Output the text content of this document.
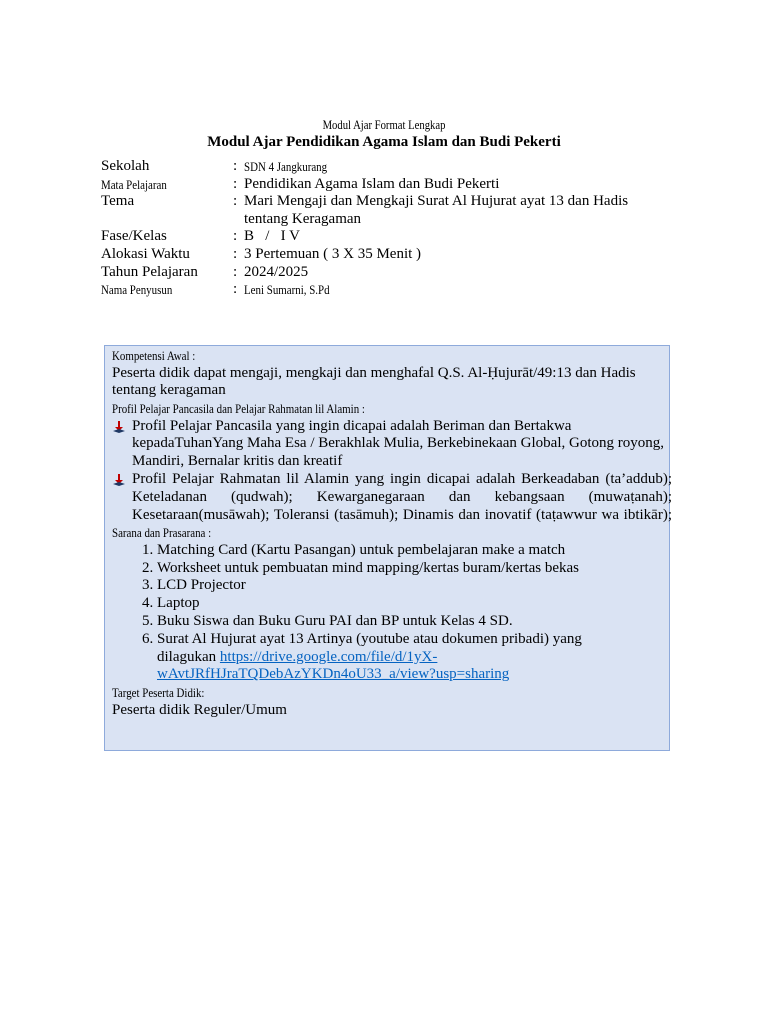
Modul Ajar Format Lengkap
Modul Ajar Pendidikan Agama Islam dan Budi Pekerti
Sekolah	: SDN 4 Jangkurang
Mata Pelajaran	: Pendidikan Agama Islam dan Budi Pekerti
Tema	: Mari Mengaji dan Mengkaji Surat Al Hujurat ayat 13 dan Hadis tentang Keragaman
Fase/Kelas	: B   /   I V
Alokasi Waktu	: 3 Pertemuan ( 3 X 35 Menit )
Tahun Pelajaran : 2024/2025
Nama Penyusun	: Leni Sumarni, S.Pd
Kompetensi Awal :
Peserta didik dapat mengaji, mengkaji dan menghafal Q.S. Al-Ḥujurāt/49:13 dan Hadis tentang keragaman
Profil Pelajar Pancasila dan Pelajar Rahmatan lil Alamin :
Profil Pelajar Pancasila yang ingin dicapai adalah Beriman dan Bertakwa kepadaTuhanYang Maha Esa / Berakhlak Mulia, Berkebinekaan Global, Gotong royong, Mandiri, Bernalar kritis dan kreatif
Profil Pelajar Rahmatan lil Alamin yang ingin dicapai adalah Berkeadaban (ta’addub); Keteladanan (qudwah); Kewarganegaraan dan kebangsaan (muwaṭanah); Kesetaraan(musāwah); Toleransi (tasāmuh); Dinamis dan inovatif (taṭawwur wa ibtikār);
Sarana dan Prasarana :
1. Matching Card (Kartu Pasangan) untuk pembelajaran make a match
2. Worksheet untuk pembuatan mind mapping/kertas buram/kertas bekas
3. LCD Projector
4. Laptop
5. Buku Siswa dan Buku Guru PAI dan BP untuk Kelas 4 SD.
6. Surat Al Hujurat ayat 13 Artinya (youtube atau dokumen pribadi) yang dilagukan https://drive.google.com/file/d/1yX-wAvtJRfHJraTQDebAzYKDn4oU33_a/view?usp=sharing
Target Peserta Didik:
Peserta didik Reguler/Umum
